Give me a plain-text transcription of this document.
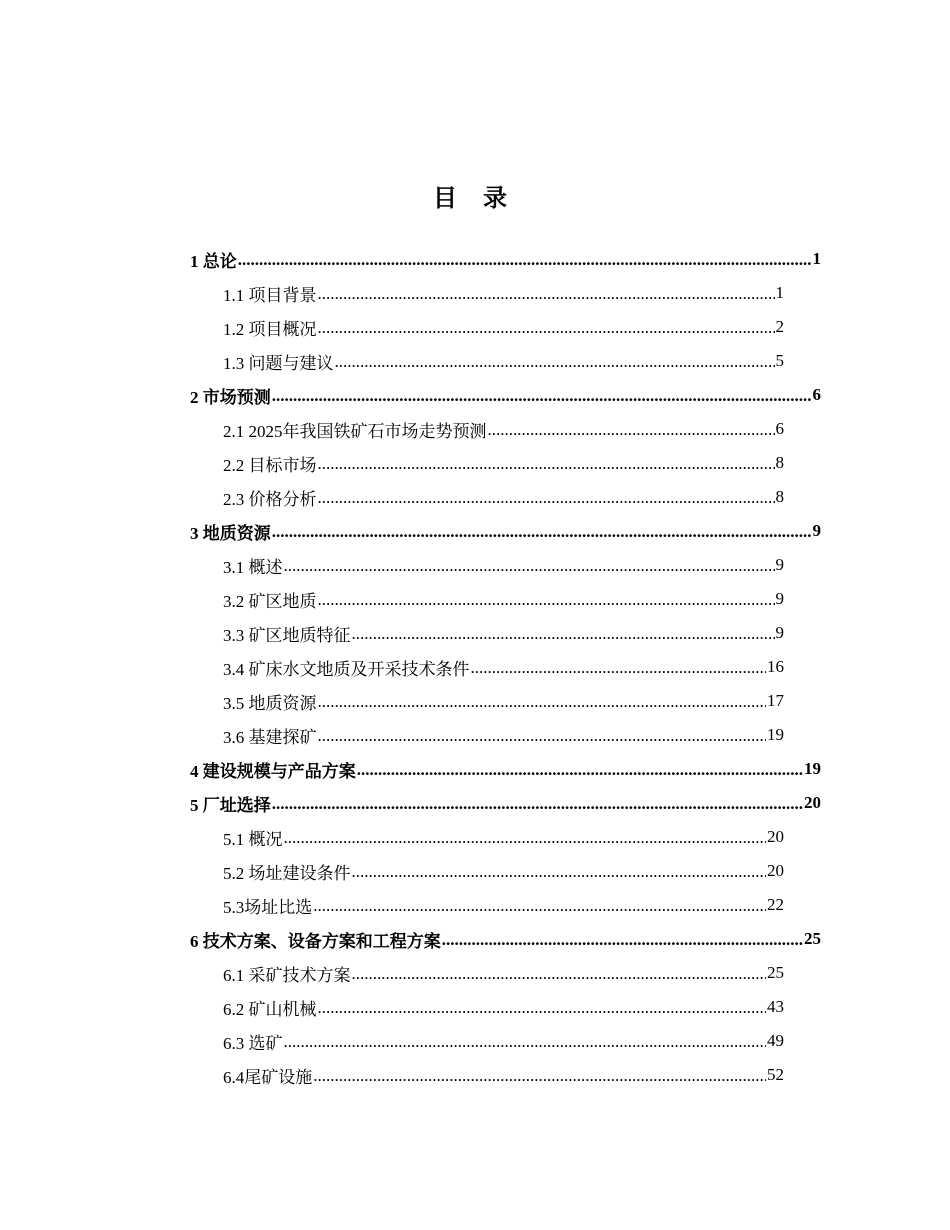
目 录
1 总论 .....	1
1.1 项目背景 .....	1
1.2 项目概况 .....	2
1.3 问题与建议 .....	5
2 市场预测 .....	6
2.1 2025年我国铁矿石市场走势预测 .....	6
2.2 目标市场 .....	8
2.3 价格分析 .....	8
3 地质资源 .....	9
3.1 概述 .....	9
3.2 矿区地质 .....	9
3.3 矿区地质特征 .....	9
3.4 矿床水文地质及开采技术条件 .....	16
3.5 地质资源 .....	17
3.6 基建探矿 .....	19
4 建设规模与产品方案 .....	19
5 厂址选择 .....	20
5.1 概况 .....	20
5.2 场址建设条件 .....	20
5.3场址比选 .....	22
6 技术方案、设备方案和工程方案 .....	25
6.1 采矿技术方案 .....	25
6.2 矿山机械 .....	43
6.3 选矿 .....	49
6.4尾矿设施 .....	52
